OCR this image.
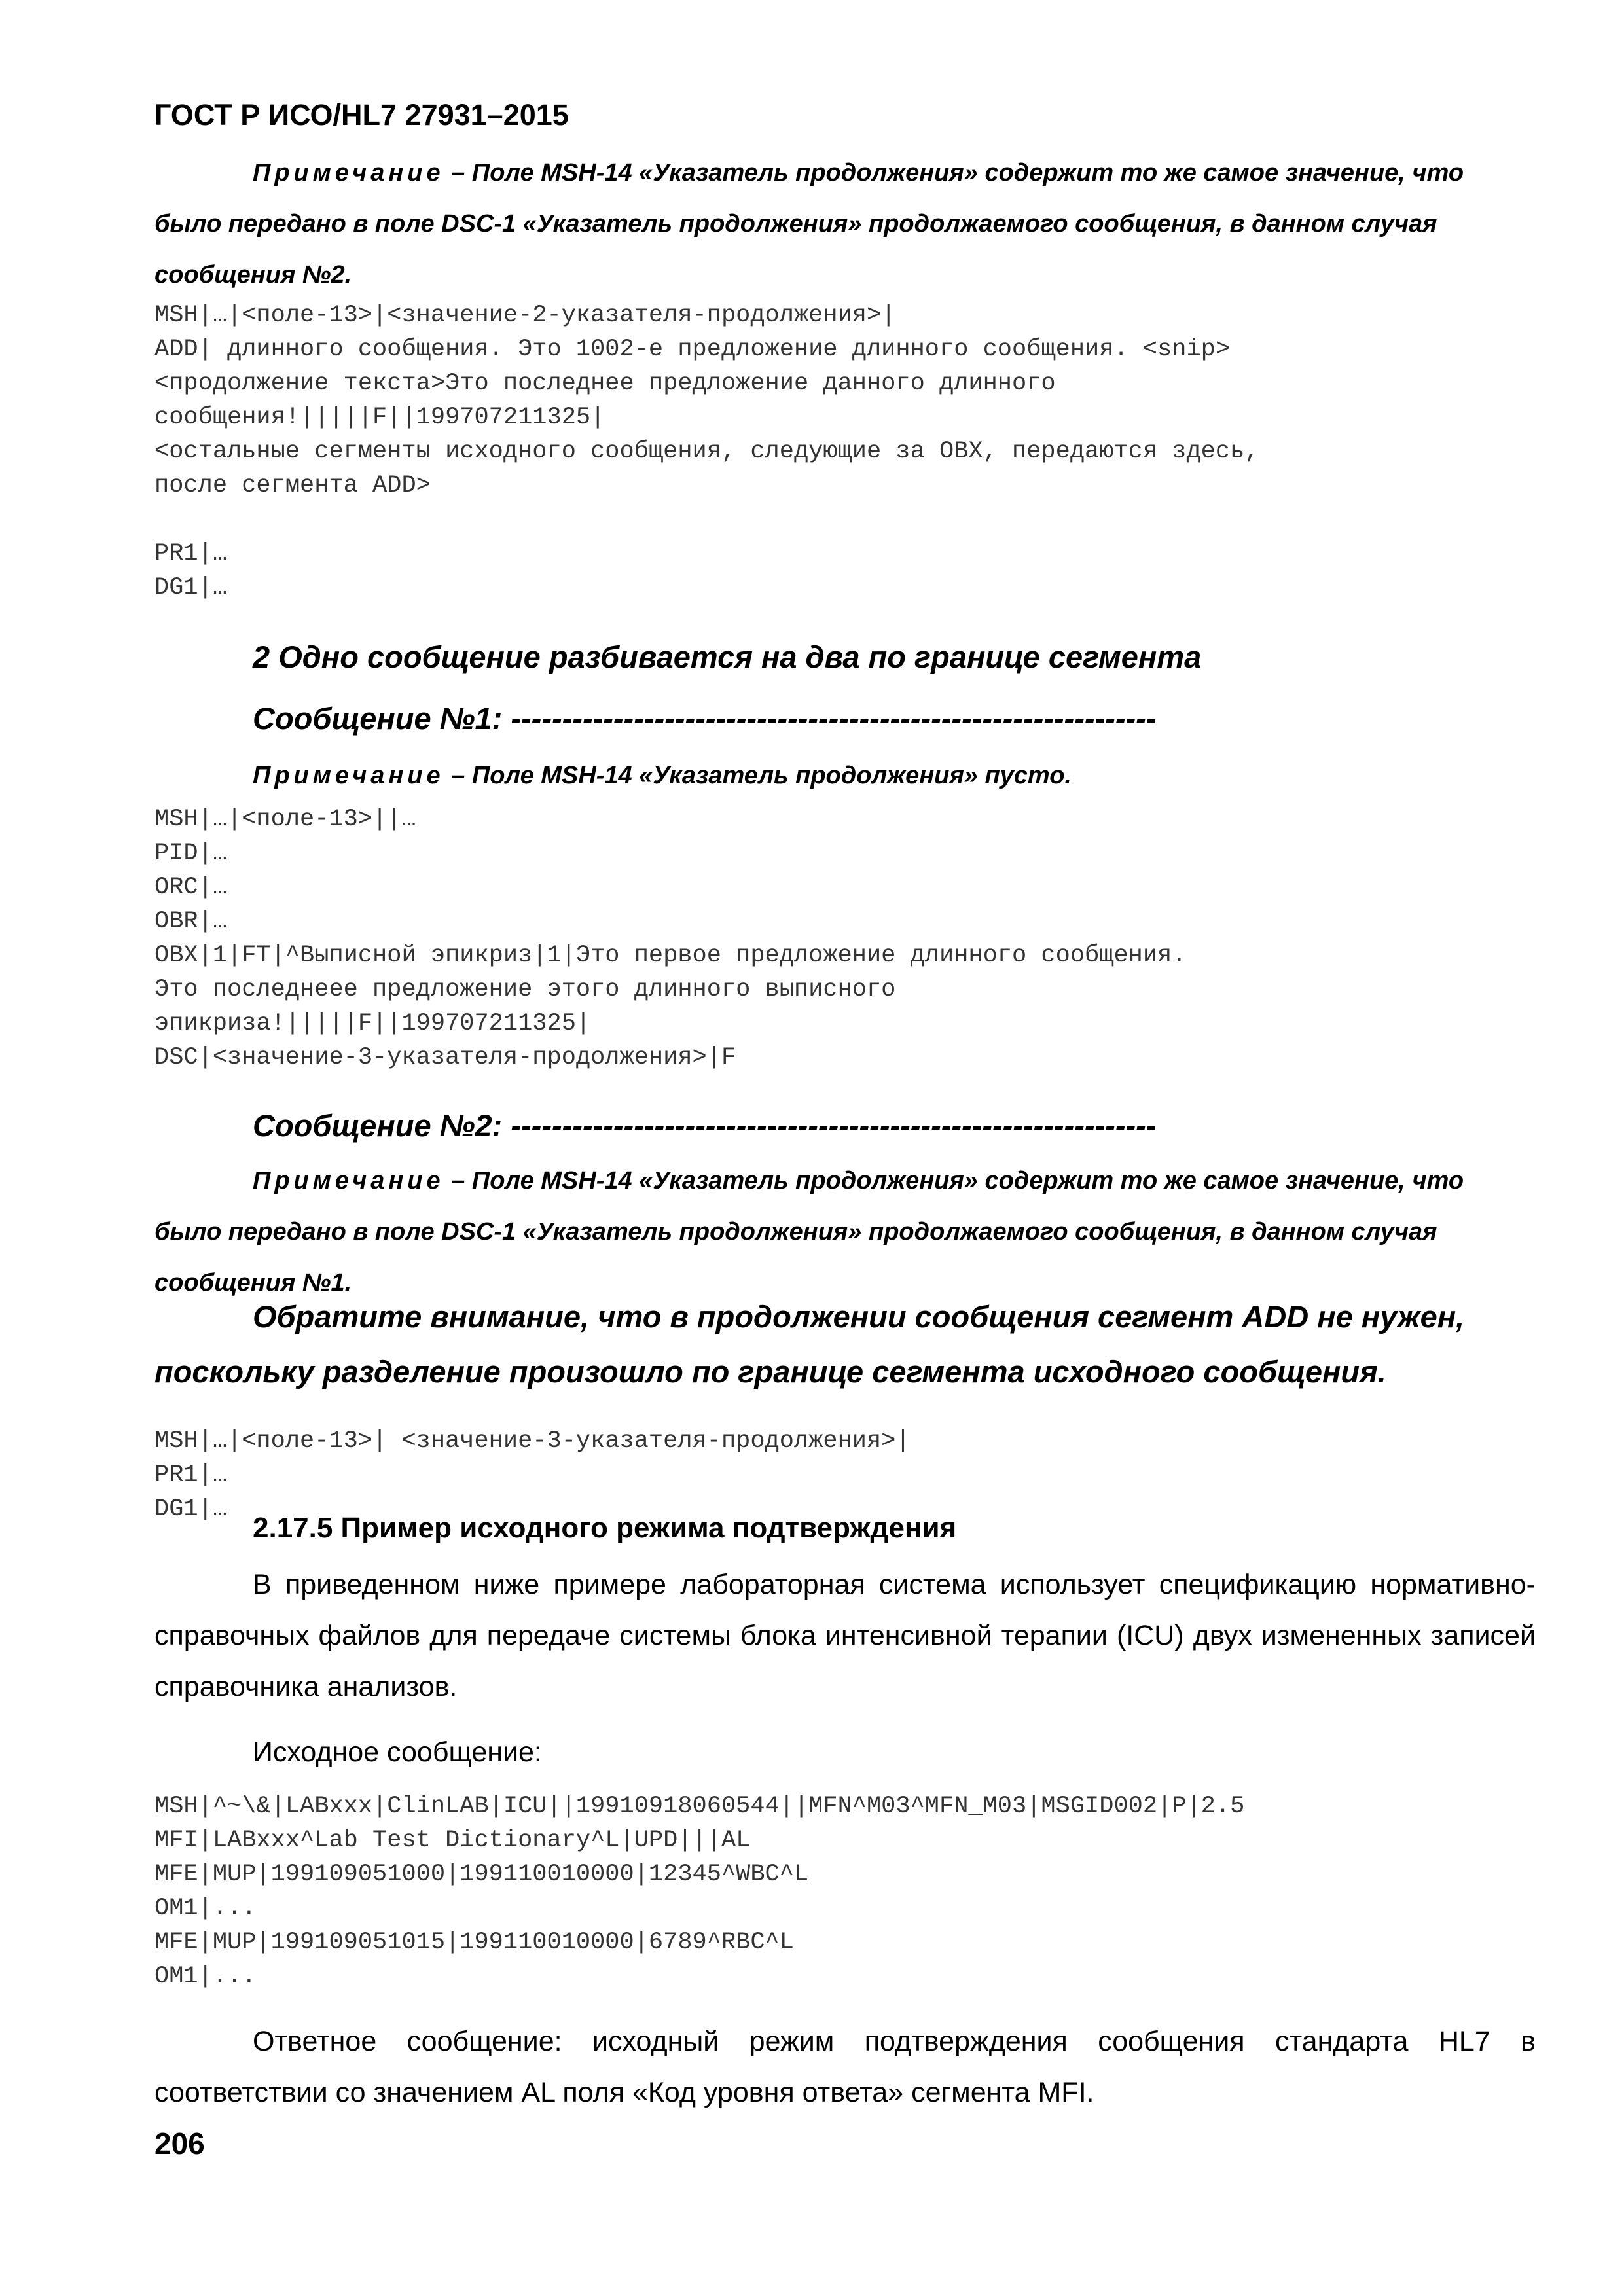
ГОСТ Р ИСО/HL7 27931–2015
Примечание – Поле MSH-14 «Указатель продолжения» содержит то же самое значение, что было передано в поле DSC-1 «Указатель продолжения» продолжаемого сообщения, в данном случая сообщения №2.
MSH|…|<поле-13>|<значение-2-указателя-продолжения>|
ADD| длинного сообщения. Это 1002-е предложение длинного сообщения. <snip>
<продолжение текста>Это последнее предложение данного длинного
сообщения!|||||F||199707211325|
<остальные сегменты исходного сообщения, следующие за OBX, передаются здесь,
после сегмента ADD>
PR1|…
DG1|…
2 Одно сообщение разбивается на два по границе сегмента
Сообщение №1: ---------------------------------------------------------------
Примечание – Поле MSH-14 «Указатель продолжения» пусто.
MSH|…|<поле-13>||…
PID|…
ORC|…
OBR|…
OBX|1|FT|^Выписной эпикриз|1|Это первое предложение длинного сообщения.
Это последнеее предложение этого длинного выписного
эпикриза!|||||F||199707211325|
DSC|<значение-3-указателя-продолжения>|F
Сообщение №2: ---------------------------------------------------------------
Примечание – Поле MSH-14 «Указатель продолжения» содержит то же самое значение, что было передано в поле DSC-1 «Указатель продолжения» продолжаемого сообщения, в данном случая сообщения №1.
Обратите внимание, что в продолжении сообщения сегмент ADD не нужен, поскольку разделение произошло по границе сегмента исходного сообщения.
MSH|…|<поле-13>| <значение-3-указателя-продолжения>|
PR1|…
DG1|…
2.17.5 Пример исходного режима подтверждения
В приведенном ниже примере лабораторная система использует спецификацию нормативно-справочных файлов для передаче системы блока интенсивной терапии (ICU) двух измененных записей справочника анализов.
Исходное сообщение:
MSH|^~\&|LABxxx|ClinLAB|ICU||19910918060544||MFN^M03^MFN_M03|MSGID002|P|2.5
MFI|LABxxx^Lab Test Dictionary^L|UPD|||AL
MFE|MUP|199109051000|199110010000|12345^WBC^L
OM1|...
MFE|MUP|199109051015|199110010000|6789^RBC^L
OM1|...
Ответное сообщение: исходный режим подтверждения сообщения стандарта HL7 в соответствии со значением AL поля «Код уровня ответа» сегмента MFI.
206
